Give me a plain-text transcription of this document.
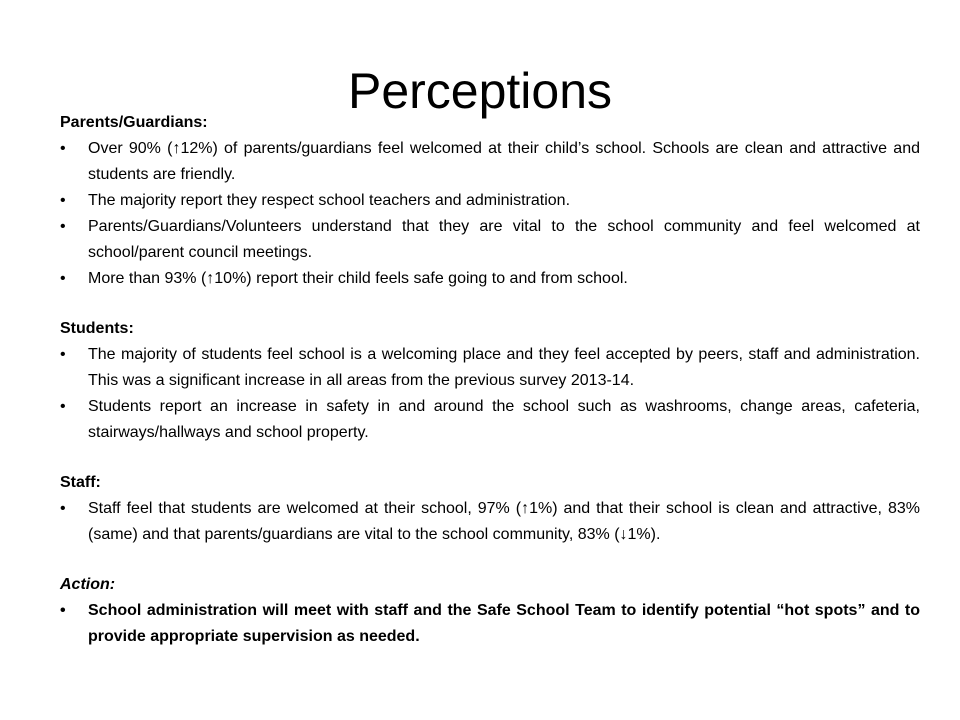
Perceptions

Parents/Guardians:

•	Over 90% (↑12%) of parents/guardians feel welcomed at their child’s school. Schools are clean and attractive and students are friendly.
•	The majority report they respect school teachers and administration.
•	Parents/Guardians/Volunteers understand that they are vital to the school community and feel welcomed at school/parent council meetings.
•	More than 93% (↑10%) report their child feels safe going to and from school.

Students:

•	The majority of students feel school is a welcoming place and they feel accepted by peers, staff and administration. This was a significant increase in all areas from the previous survey 2013-14.
•	Students report an increase in safety in and around the school such as washrooms, change areas, cafeteria, stairways/hallways and school property.

Staff:

•	Staff feel that students are welcomed at their school, 97% (↑1%) and that their school is clean and attractive, 83% (same) and that parents/guardians are vital to the school community, 83% (↓1%).

Action:

•	School administration will meet with staff and the Safe School Team to identify potential “hot spots” and to provide appropriate supervision as needed.
